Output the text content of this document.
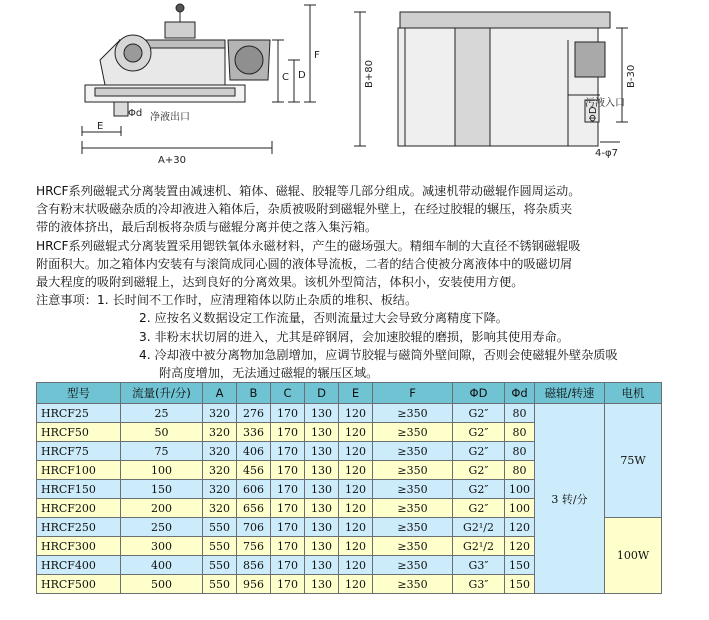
A+30
E
C D
F
Φd 净液出口
B+80	B-30
ΦD
污液入口
4-φ7

HRCF系列磁辊式分离装置由减速机、箱体、磁辊、胶辊等几部分组成。减速机带动磁辊作圆周运动。

含有粉末状吸磁杂质的冷却液进入箱体后，杂质被吸附到磁辊外壁上，在经过胶辊的辗压，将杂质夹

带的液体挤出，最后刮板将杂质与磁辊分离并使之落入集污箱。

HRCF系列磁辊式分离装置采用锶铁氧体永磁材料，产生的磁场强大。精细车制的大直径不锈钢磁辊吸

附面积大。加之箱体内安装有与滚筒成同心圆的液体导流板，二者的结合使被分离液体中的吸磁切屑

最大程度的吸附到磁辊上，达到良好的分离效果。该机外型简洁，体积小，安装使用方便。

注意事项：1. 长时间不工作时，应清理箱体以防止杂质的堆积、板结。

2. 应按名义数据设定工作流量，否则流量过大会导致分离精度下降。

3. 非粉末状切屑的进入，尤其是碎钢屑，会加速胶辊的磨损，影响其使用寿命。

4. 冷却液中被分离物加急剧增加，应调节胶辊与磁筒外壁间隙，否则会使磁辊外壁杂质吸

附高度增加，无法通过磁辊的辗压区域。

型号	流量(升/分)	A	B	C	D	E	F	ΦD	Φd	磁辊/转速	电机
HRCF25	25	320	276	170	130	120	≥350	G2″	80	3 转/分	75W
HRCF50	50	320	336	170	130	120	≥350	G2″	80		
HRCF75	75	320	406	170	130	120	≥350	G2″	80		
HRCF100	100	320	456	170	130	120	≥350	G2″	80		
HRCF150	150	320	606	170	130	120	≥350	G2″	100		
HRCF200	200	320	656	170	130	120	≥350	G2″	100		
HRCF250	250	550	706	170	130	120	≥350	G2¹/2	120		100W
HRCF300	300	550	756	170	130	120	≥350	G2¹/2	120		
HRCF400	400	550	856	170	130	120	≥350	G3″	150		
HRCF500	500	550	956	170	130	120	≥350	G3″	150		
